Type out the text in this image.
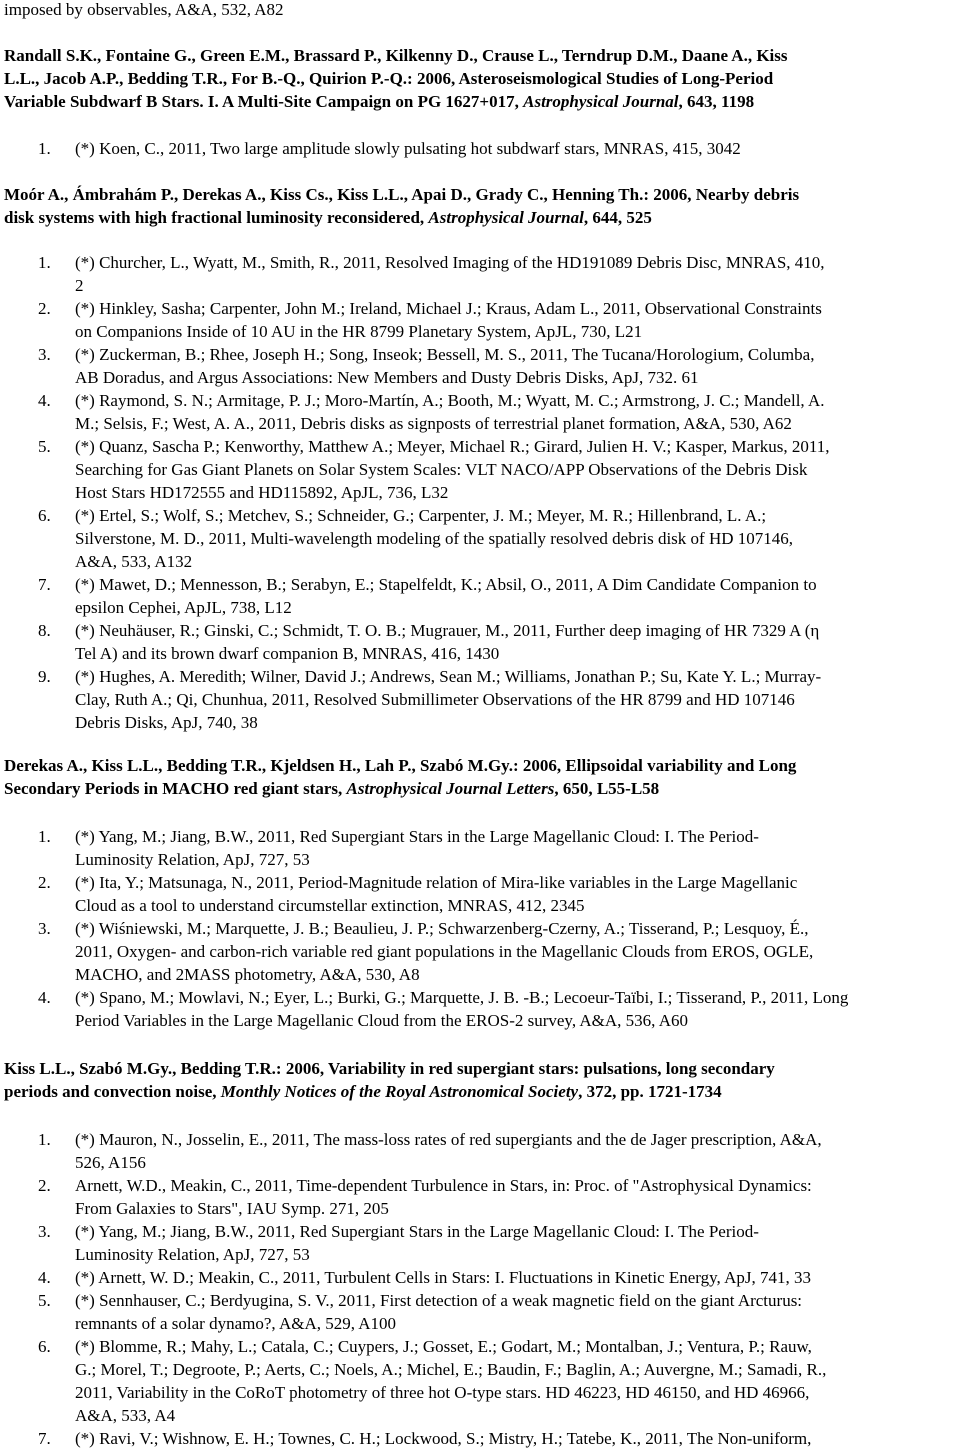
imposed by observables, A&A, 532, A82
Randall S.K., Fontaine G., Green E.M., Brassard P., Kilkenny D., Crause L., Terndrup D.M., Daane A., Kiss
L.L., Jacob A.P., Bedding T.R., For B.-Q., Quirion P.-Q.: 2006, Asteroseismological Studies of Long-Period
Variable Subdwarf B Stars. I. A Multi-Site Campaign on PG 1627+017, Astrophysical Journal, 643, 1198
1. (*) Koen, C., 2011, Two large amplitude slowly pulsating hot subdwarf stars, MNRAS, 415, 3042
Moór A., Ámbrahám P., Derekas A., Kiss Cs., Kiss L.L., Apai D., Grady C., Henning Th.: 2006, Nearby debris
disk systems with high fractional luminosity reconsidered, Astrophysical Journal, 644, 525
1. (*) Churcher, L., Wyatt, M., Smith, R., 2011, Resolved Imaging of the HD191089 Debris Disc, MNRAS, 410,
2
2. (*) Hinkley, Sasha; Carpenter, John M.; Ireland, Michael J.; Kraus, Adam L., 2011, Observational Constraints
on Companions Inside of 10 AU in the HR 8799 Planetary System, ApJL, 730, L21
3. (*) Zuckerman, B.; Rhee, Joseph H.; Song, Inseok; Bessell, M. S., 2011, The Tucana/Horologium, Columba,
AB Doradus, and Argus Associations: New Members and Dusty Debris Disks, ApJ, 732. 61
4. (*) Raymond, S. N.; Armitage, P. J.; Moro-Martín, A.; Booth, M.; Wyatt, M. C.; Armstrong, J. C.; Mandell, A.
M.; Selsis, F.; West, A. A., 2011, Debris disks as signposts of terrestrial planet formation, A&A, 530, A62
5. (*) Quanz, Sascha P.; Kenworthy, Matthew A.; Meyer, Michael R.; Girard, Julien H. V.; Kasper, Markus, 2011,
Searching for Gas Giant Planets on Solar System Scales: VLT NACO/APP Observations of the Debris Disk
Host Stars HD172555 and HD115892, ApJL, 736, L32
6. (*) Ertel, S.; Wolf, S.; Metchev, S.; Schneider, G.; Carpenter, J. M.; Meyer, M. R.; Hillenbrand, L. A.;
Silverstone, M. D., 2011, Multi-wavelength modeling of the spatially resolved debris disk of HD 107146,
A&A, 533, A132
7. (*) Mawet, D.; Mennesson, B.; Serabyn, E.; Stapelfeldt, K.; Absil, O., 2011, A Dim Candidate Companion to
epsilon Cephei, ApJL, 738, L12
8. (*) Neuhäuser, R.; Ginski, C.; Schmidt, T. O. B.; Mugrauer, M., 2011, Further deep imaging of HR 7329 A (η
Tel A) and its brown dwarf companion B, MNRAS, 416, 1430
9. (*) Hughes, A. Meredith; Wilner, David J.; Andrews, Sean M.; Williams, Jonathan P.; Su, Kate Y. L.; Murray-
Clay, Ruth A.; Qi, Chunhua, 2011, Resolved Submillimeter Observations of the HR 8799 and HD 107146
Debris Disks, ApJ, 740, 38
Derekas A., Kiss L.L., Bedding T.R., Kjeldsen H., Lah P., Szabó M.Gy.: 2006, Ellipsoidal variability and Long
Secondary Periods in MACHO red giant stars, Astrophysical Journal Letters, 650, L55-L58
1. (*) Yang, M.; Jiang, B.W., 2011, Red Supergiant Stars in the Large Magellanic Cloud: I. The Period-
Luminosity Relation, ApJ, 727, 53
2. (*) Ita, Y.; Matsunaga, N., 2011, Period-Magnitude relation of Mira-like variables in the Large Magellanic
Cloud as a tool to understand circumstellar extinction, MNRAS, 412, 2345
3. (*) Wiśniewski, M.; Marquette, J. B.; Beaulieu, J. P.; Schwarzenberg-Czerny, A.; Tisserand, P.; Lesquoy, É.,
2011, Oxygen- and carbon-rich variable red giant populations in the Magellanic Clouds from EROS, OGLE,
MACHO, and 2MASS photometry, A&A, 530, A8
4. (*) Spano, M.; Mowlavi, N.; Eyer, L.; Burki, G.; Marquette, J. B. -B.; Lecoeur-Taïbi, I.; Tisserand, P., 2011, Long
Period Variables in the Large Magellanic Cloud from the EROS-2 survey, A&A, 536, A60
Kiss L.L., Szabó M.Gy., Bedding T.R.: 2006, Variability in red supergiant stars: pulsations, long secondary
periods and convection noise, Monthly Notices of the Royal Astronomical Society, 372, pp. 1721-1734
1. (*) Mauron, N., Josselin, E., 2011, The mass-loss rates of red supergiants and the de Jager prescription, A&A,
526, A156
2. Arnett, W.D., Meakin, C., 2011, Time-dependent Turbulence in Stars, in: Proc. of "Astrophysical Dynamics:
From Galaxies to Stars", IAU Symp. 271, 205
3. (*) Yang, M.; Jiang, B.W., 2011, Red Supergiant Stars in the Large Magellanic Cloud: I. The Period-
Luminosity Relation, ApJ, 727, 53
4. (*) Arnett, W. D.; Meakin, C., 2011, Turbulent Cells in Stars: I. Fluctuations in Kinetic Energy, ApJ, 741, 33
5. (*) Sennhauser, C.; Berdyugina, S. V., 2011, First detection of a weak magnetic field on the giant Arcturus:
remnants of a solar dynamo?, A&A, 529, A100
6. (*) Blomme, R.; Mahy, L.; Catala, C.; Cuypers, J.; Gosset, E.; Godart, M.; Montalban, J.; Ventura, P.; Rauw,
G.; Morel, T.; Degroote, P.; Aerts, C.; Noels, A.; Michel, E.; Baudin, F.; Baglin, A.; Auvergne, M.; Samadi, R.,
2011, Variability in the CoRoT photometry of three hot O-type stars. HD 46223, HD 46150, and HD 46966,
A&A, 533, A4
7. (*) Ravi, V.; Wishnow, E. H.; Townes, C. H.; Lockwood, S.; Mistry, H.; Tatebe, K., 2011, The Non-uniform,
